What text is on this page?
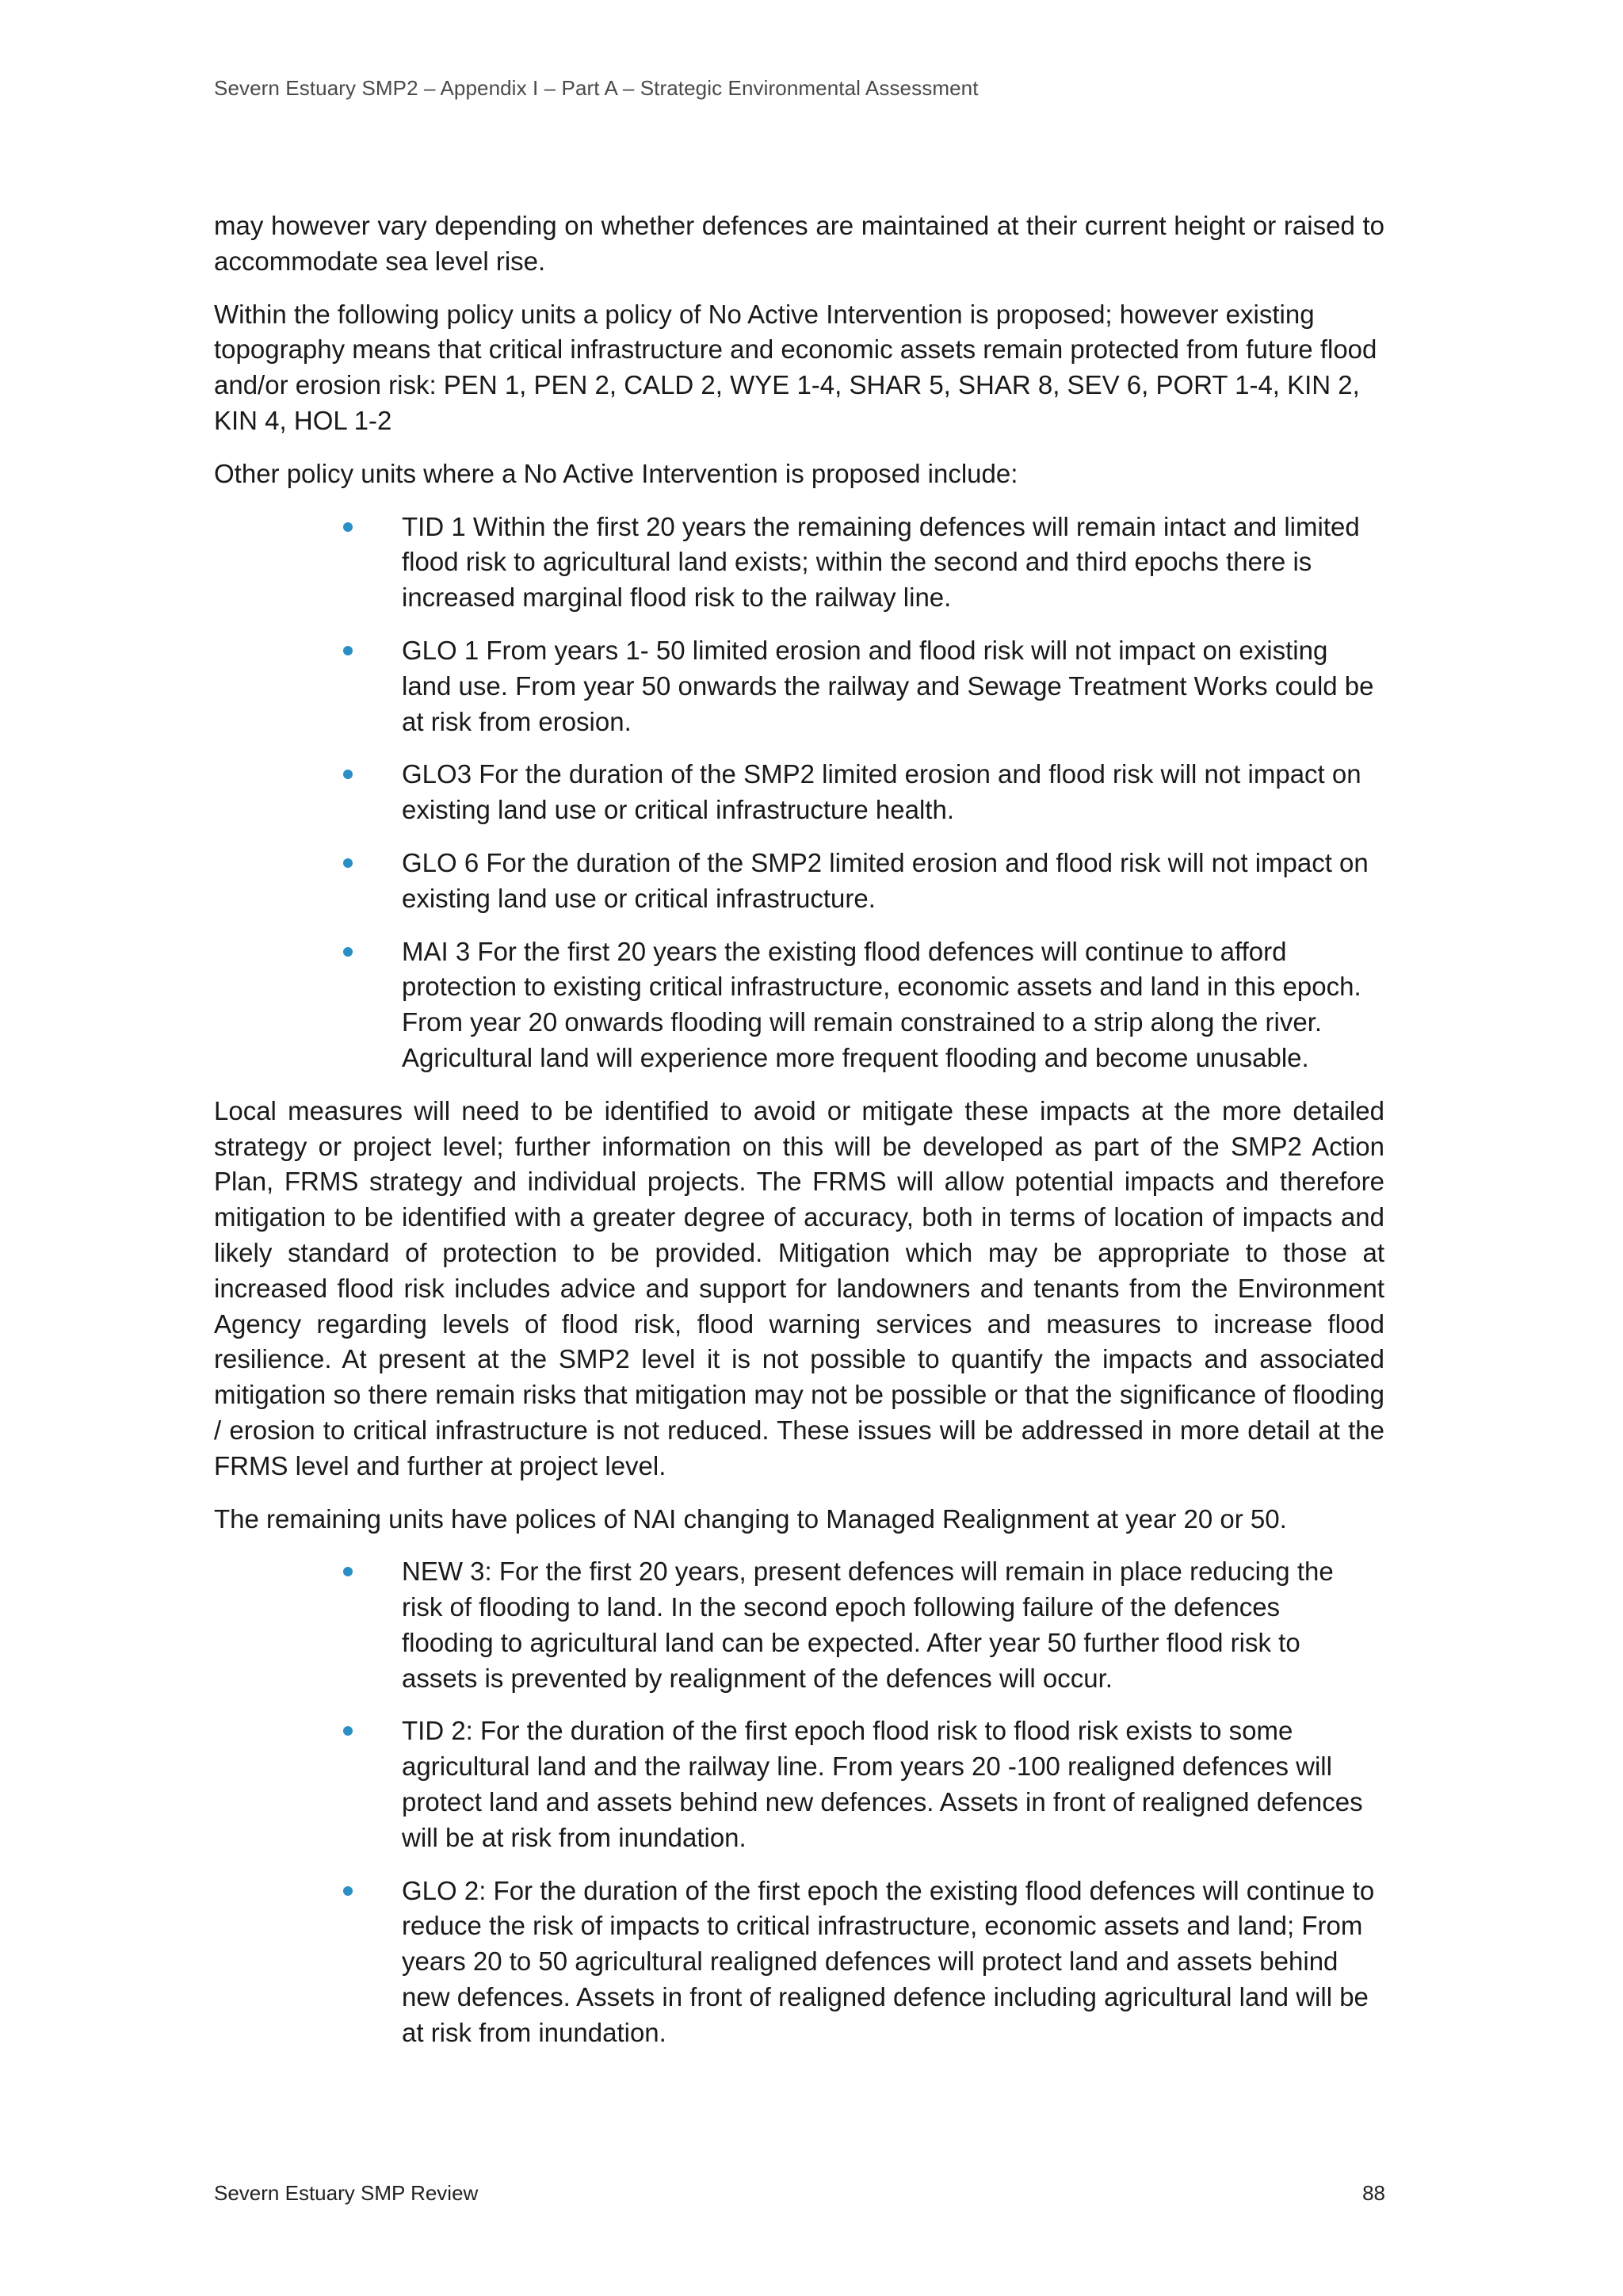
Severn Estuary SMP2 – Appendix I – Part A – Strategic Environmental Assessment

may however vary depending on whether defences are maintained at their current height or raised to accommodate sea level rise.

Within the following policy units a policy of No Active Intervention is proposed; however existing topography means that critical infrastructure and economic assets remain protected from future flood and/or erosion risk: PEN 1, PEN 2, CALD 2, WYE 1-4, SHAR 5, SHAR 8, SEV 6, PORT 1-4, KIN 2, KIN 4, HOL 1-2

Other policy units where a No Active Intervention is proposed include:

TID 1 Within the first 20 years the remaining defences will remain intact and limited flood risk to agricultural land exists; within the second and third epochs there is increased marginal flood risk to the railway line.
GLO 1 From years 1- 50 limited erosion and flood risk will not impact on existing land use. From year 50 onwards the railway and Sewage Treatment Works could be at risk from erosion.
GLO3 For the duration of the SMP2 limited erosion and flood risk will not impact on existing land use or critical infrastructure health.
GLO 6 For the duration of the SMP2 limited erosion and flood risk will not impact on existing land use or critical infrastructure.
MAI 3 For the first 20 years the existing flood defences will continue to afford protection to existing critical infrastructure, economic assets and land in this epoch. From year 20 onwards flooding will remain constrained to a strip along the river. Agricultural land will experience more frequent flooding and become unusable.

Local measures will need to be identified to avoid or mitigate these impacts at the more detailed strategy or project level; further information on this will be developed as part of the SMP2 Action Plan, FRMS strategy and individual projects. The FRMS will allow potential impacts and therefore mitigation to be identified with a greater degree of accuracy, both in terms of location of impacts and likely standard of protection to be provided. Mitigation which may be appropriate to those at increased flood risk includes advice and support for landowners and tenants from the Environment Agency regarding levels of flood risk, flood warning services and measures to increase flood resilience. At present at the SMP2 level it is not possible to quantify the impacts and associated mitigation so there remain risks that mitigation may not be possible or that the significance of flooding / erosion to critical infrastructure is not reduced. These issues will be addressed in more detail at the FRMS level and further at project level.

The remaining units have polices of NAI changing to Managed Realignment at year 20 or 50.

NEW 3: For the first 20 years, present defences will remain in place reducing the risk of flooding to land. In the second epoch following failure of the defences flooding to agricultural land can be expected. After year 50 further flood risk to assets is prevented by realignment of the defences will occur.
TID 2: For the duration of the first epoch flood risk to flood risk exists to some agricultural land and the railway line. From years 20 -100 realigned defences will protect land and assets behind new defences. Assets in front of realigned defences will be at risk from inundation.
GLO 2: For the duration of the first epoch the existing flood defences will continue to reduce the risk of impacts to critical infrastructure, economic assets and land; From years 20 to 50 agricultural realigned defences will protect land and assets behind new defences. Assets in front of realigned defence including agricultural land will be at risk from inundation.
Severn Estuary SMP Review	88
